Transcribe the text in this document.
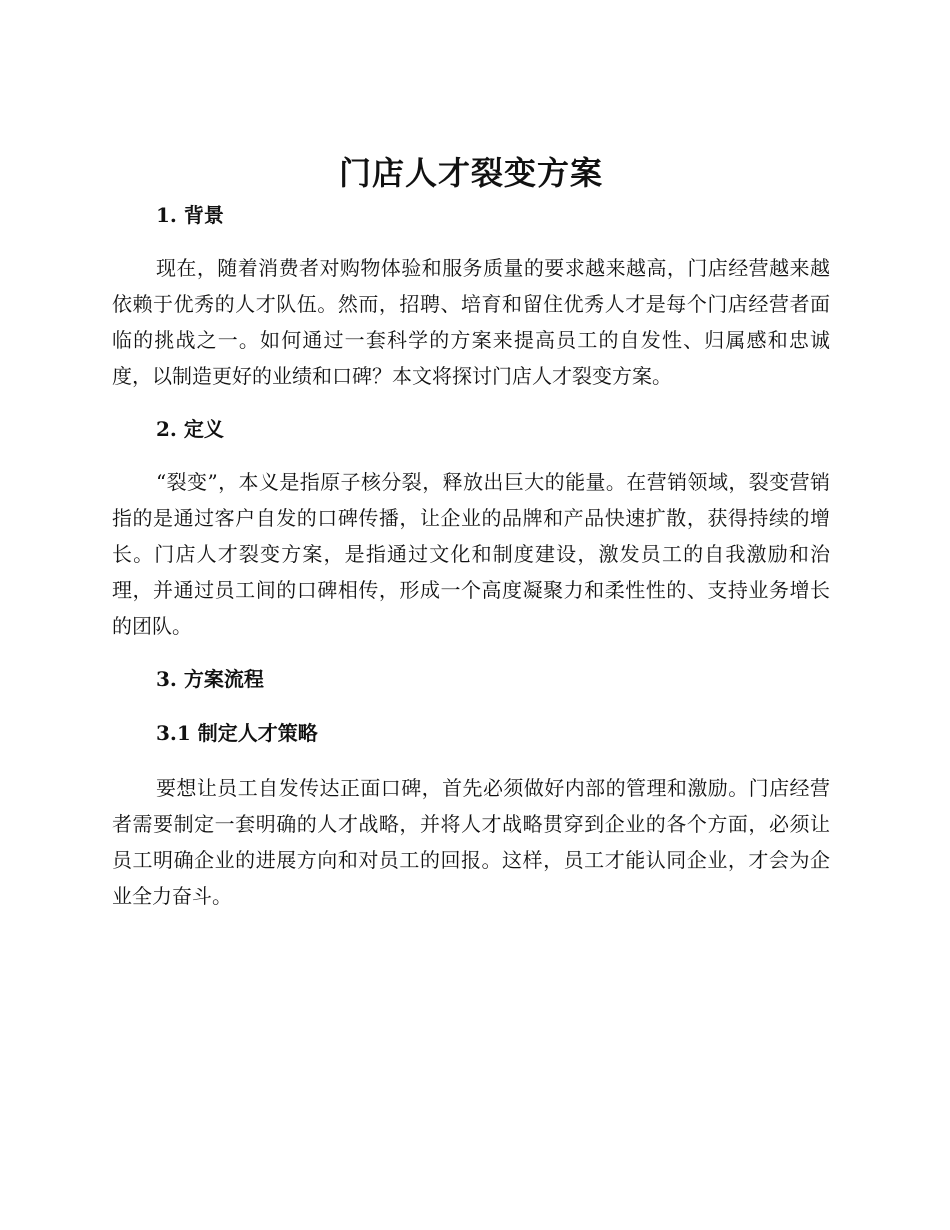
门店人才裂变方案
1. 背景

现在，随着消费者对购物体验和服务质量的要求越来越高，门店经营越来越依赖于优秀的人才队伍。然而，招聘、培育和留住优秀人才是每个门店经营者面临的挑战之一。如何通过一套科学的方案来提高员工的自发性、归属感和忠诚度，以制造更好的业绩和口碑？本文将探讨门店人才裂变方案。

2. 定义

“裂变”，本义是指原子核分裂，释放出巨大的能量。在营销领域，裂变营销指的是通过客户自发的口碑传播，让企业的品牌和产品快速扩散，获得持续的增长。门店人才裂变方案，是指通过文化和制度建设，激发员工的自我激励和治理，并通过员工间的口碑相传，形成一个高度凝聚力和柔性性的、支持业务增长的团队。

3. 方案流程
3.1 制定人才策略

要想让员工自发传达正面口碑，首先必须做好内部的管理和激励。门店经营者需要制定一套明确的人才战略，并将人才战略贯穿到企业的各个方面，必须让员工明确企业的进展方向和对员工的回报。这样，员工才能认同企业，才会为企业全力奋斗。
